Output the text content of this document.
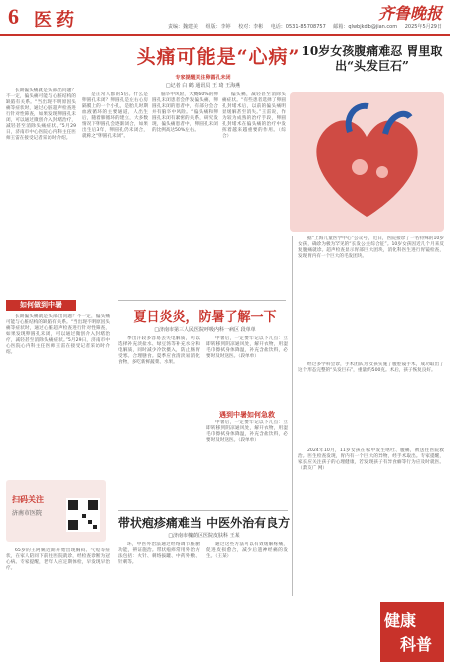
6 医药	齐鲁晚报
责编：魏建美 组版：李婷 校对：李彬 电话：0531-85708757 邮箱：qlwbjkdb@jian.com 2025年5月29日
头痛可能是“心病”
专家提醒关注卵圆孔未闭
□记者 白 鹤 通讯员 王 琦 王海燕

长期偏头痛就是头部出问题？不一定，偏头痛可能与心脏结构的缺陷有关系。“当出现不明原因头痛等症状时，通过心脏超声检查进行针对性筛查，如果发现卵圆孔未闭，可以通过微创介入封堵治疗，减轻甚至消除头痛症状。”5月29日，济南市中心医院心内科主任医师王雷在接受记者采访时介绍。

是正常人群的5倍。什么是卵圆孔未闭？卵圆孔是左右心房隔膜上的一个小孔，是胎儿时期血液循环的主要通道，人出生后，随着肺循环的建立，大多数情况下卵圆孔会逐渐闭合，如果出生后3年，卵圆孔仍未闭合，就称之“卵圆孔未闭”。

脑卒中风险，大概60%的卵圆孔未闭患者会伴发偏头痛，卵圆孔未闭的患者中，有部分会合并有脑卒中风险。“偏头痛和卵圆孔未闭有紧密的关系，研究发现，偏头痛患者中，卵圆孔未闭的比例高达50%左右。

偏头痛，减轻甚至消除头痛症状。“有些患者选择了卵圆孔封堵术后，以前的偏头痛明显缓解甚至消失。”王雷说，作为较为成熟的治疗手段，卵圆孔封堵术在偏头痛的治疗中发挥着越来越重要的作用。（综合）

10岁女孩腹痛难忍 胃里取出“头发巨石”

据“上海儿童医学中心”公众号，近日，医院接诊了一名特殊的10岁女孩，确诊为极为罕见的“长发公主综合征”。10岁女孩因近几个月来反复腹痛就诊。超声检查显示胃部巨大团块，消化科医生进行胃镜检查，发现胃内有一个巨大的毛发团块。

经过多学科会诊，手术团队为女孩实施了腹腔镜手术，成功取出了这个形态完整的“头发巨石”，重量约500克。术后，孩子恢复良好。

2024年10月，11岁女孩在家中发生呕吐、腹痛，被送往医院救治。医生检查发现，胃内有一个巨大的异物，经手术取出。专家提醒，家长应关注孩子的心理健康，若发现孩子有异食癖等行为应及时就医。（萧友广 网）

如何做到中暑

长期偏头痛就是头部出问题？不一定，偏头痛可能与心脏结构的缺陷有关系。“当出现不明原因头痛等症状时，通过心脏超声检查进行针对性筛查，如果发现卵圆孔未闭，可以通过微创介入封堵治疗，减轻甚至消除头痛症状。”5月29日，济南市中心医院心内科主任医师王雷在接受记者采访时介绍。

夏日炎炎，防暑了解一下
□济南市第三人民医院呼吸内科一病区 段单单

季出汗较多容易丢失电解质，可以选择补充淡盐水、绿豆汤等补充水分和电解质，同时减少冷饮摄入，防止肠胃受寒。合理膳食。夏季应食清淡易消化食物，多吃新鲜蔬菜、水果。

中暑后，一定要牢记以下几点：立即转移到阴凉通风处，解开衣物，用湿毛巾擦拭身体降温，补充含盐饮料，必要时及时送医。（段单单）

遇到中暑如何急救

中暑后，一定要牢记以下几点：立即转移到阴凉通风处，解开衣物，用湿毛巾擦拭身体降温，补充含盐饮料，必要时及时送医。（段单单）

扫码关注
济南市医院

65岁的王阿姨近期开始出现胸闷、气短等症状，在家人陪同下前往医院就诊，经检查诊断为冠心病。专家提醒，老年人应定期体检，早发现早治疗。

带状疱疹痛难当 中医外治有良方
□济南市槐荫区医院皮肤科 王某

环，中医外治法通过经络调节脏腑功能，辨证施治。带状疱疹常用外治方法包括：火针、刺络拔罐、中药外敷、针刺等。

通过这些方法可以有效缓解疼痛，促进皮损愈合，减少后遗神经痛的发生。（王某）

健康
科普
